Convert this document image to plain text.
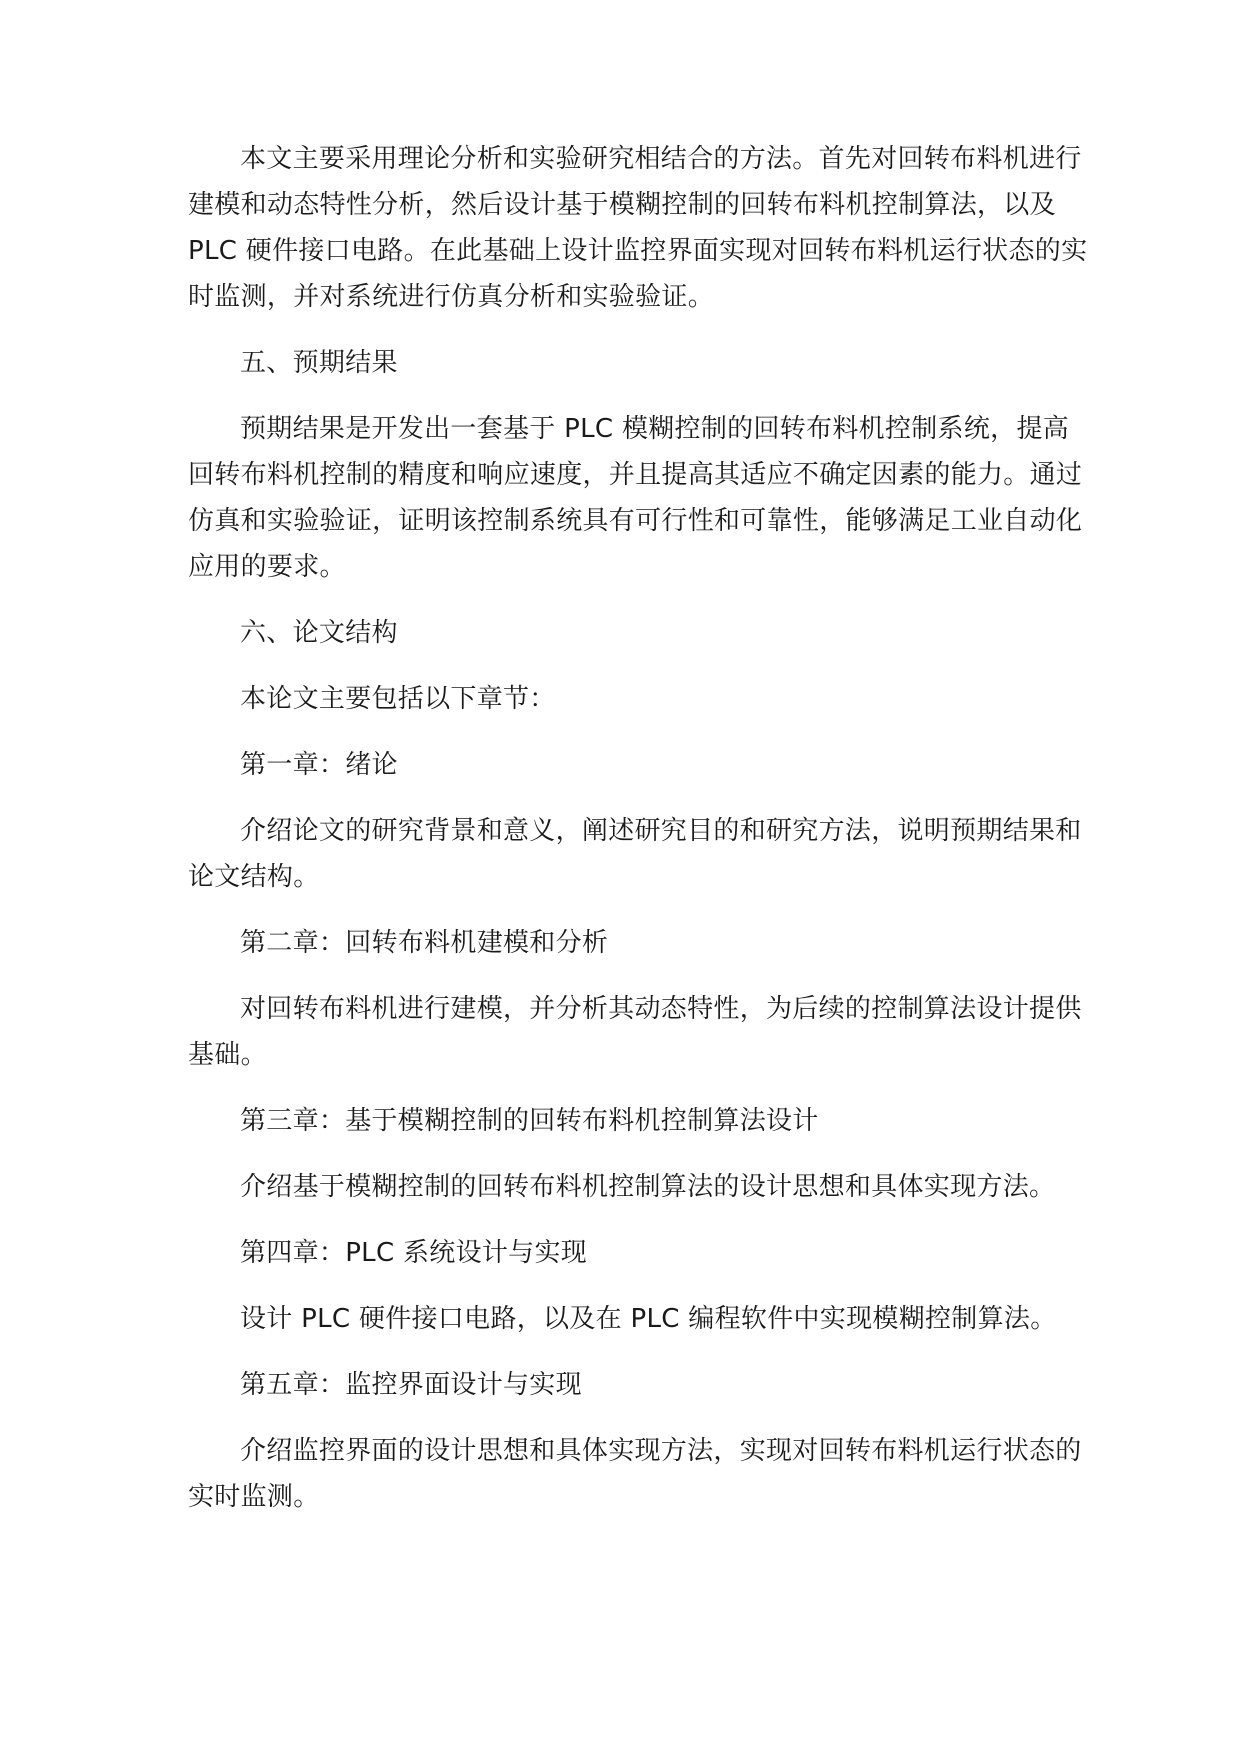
本文主要采用理论分析和实验研究相结合的方法。首先对回转布料机进行建模和动态特性分析，然后设计基于模糊控制的回转布料机控制算法，以及 PLC 硬件接口电路。在此基础上设计监控界面实现对回转布料机运行状态的实时监测，并对系统进行仿真分析和实验验证。

五、预期结果

预期结果是开发出一套基于 PLC 模糊控制的回转布料机控制系统，提高回转布料机控制的精度和响应速度，并且提高其适应不确定因素的能力。通过仿真和实验验证，证明该控制系统具有可行性和可靠性，能够满足工业自动化应用的要求。

六、论文结构

本论文主要包括以下章节：

第一章：绪论

介绍论文的研究背景和意义，阐述研究目的和研究方法，说明预期结果和论文结构。

第二章：回转布料机建模和分析

对回转布料机进行建模，并分析其动态特性，为后续的控制算法设计提供基础。

第三章：基于模糊控制的回转布料机控制算法设计

介绍基于模糊控制的回转布料机控制算法的设计思想和具体实现方法。

第四章：PLC 系统设计与实现

设计 PLC 硬件接口电路，以及在 PLC 编程软件中实现模糊控制算法。

第五章：监控界面设计与实现

介绍监控界面的设计思想和具体实现方法，实现对回转布料机运行状态的实时监测。
